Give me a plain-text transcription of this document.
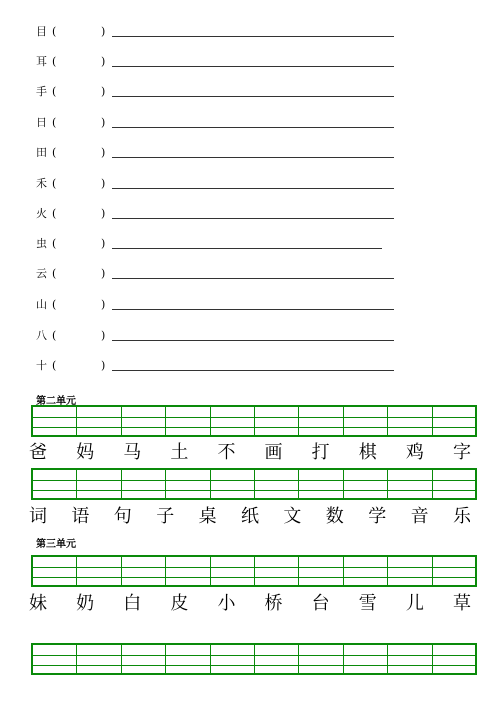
目 (	)
耳 (	)
手 (	)
日 (	)
田 (	)
禾 (	)
火 (	)
虫 (	)
云 (	)
山 (	)
八 (	)
十 (	)
第二单元
爸 妈 马 土 不 画 打 棋 鸡 字
词 语 句 子 桌 纸 文 数 学 音 乐
第三单元
妹 奶 白 皮 小 桥 台 雪 儿 草
